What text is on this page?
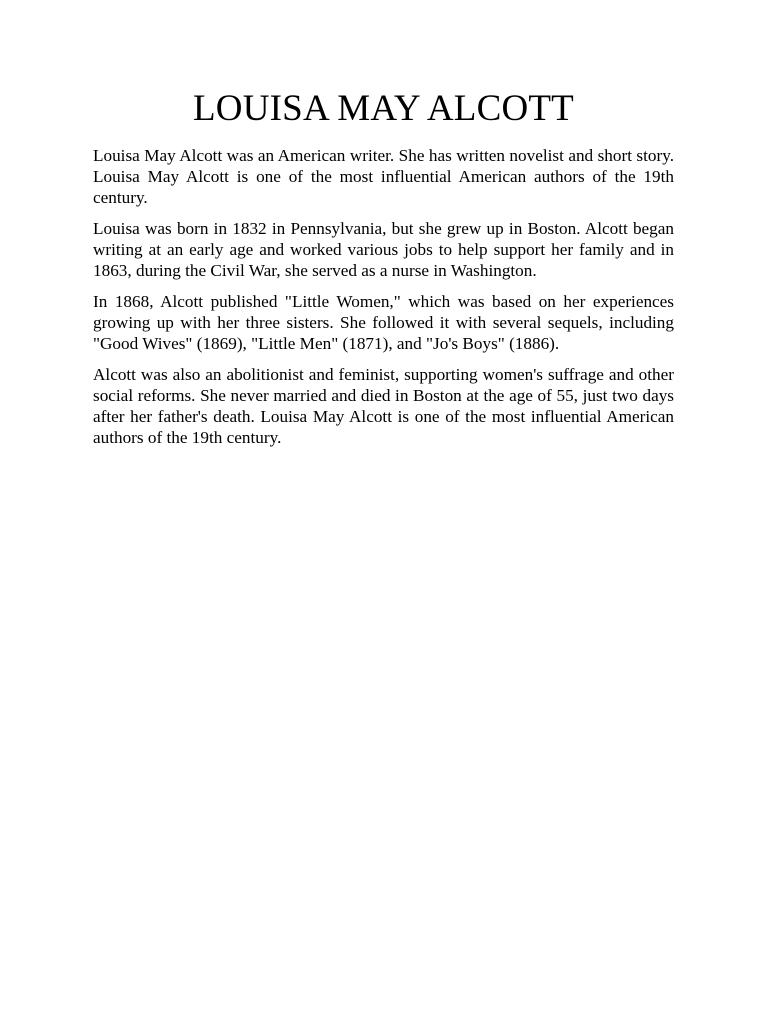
LOUISA MAY ALCOTT

Louisa May Alcott was an American writer. She has written novelist and short story. Louisa May Alcott is one of the most influential American authors of the 19th century.

Louisa was born in 1832 in Pennsylvania, but she grew up in Boston. Alcott began writing at an early age and worked various jobs to help support her family and in 1863, during the Civil War, she served as a nurse in Washington.

In 1868, Alcott published "Little Women," which was based on her experiences growing up with her three sisters. She followed it with several sequels, including "Good Wives" (1869), "Little Men" (1871), and "Jo's Boys" (1886).

Alcott was also an abolitionist and feminist, supporting women's suffrage and other social reforms. She never married and died in Boston at the age of 55, just two days after her father's death. Louisa May Alcott is one of the most influential American authors of the 19th century.
